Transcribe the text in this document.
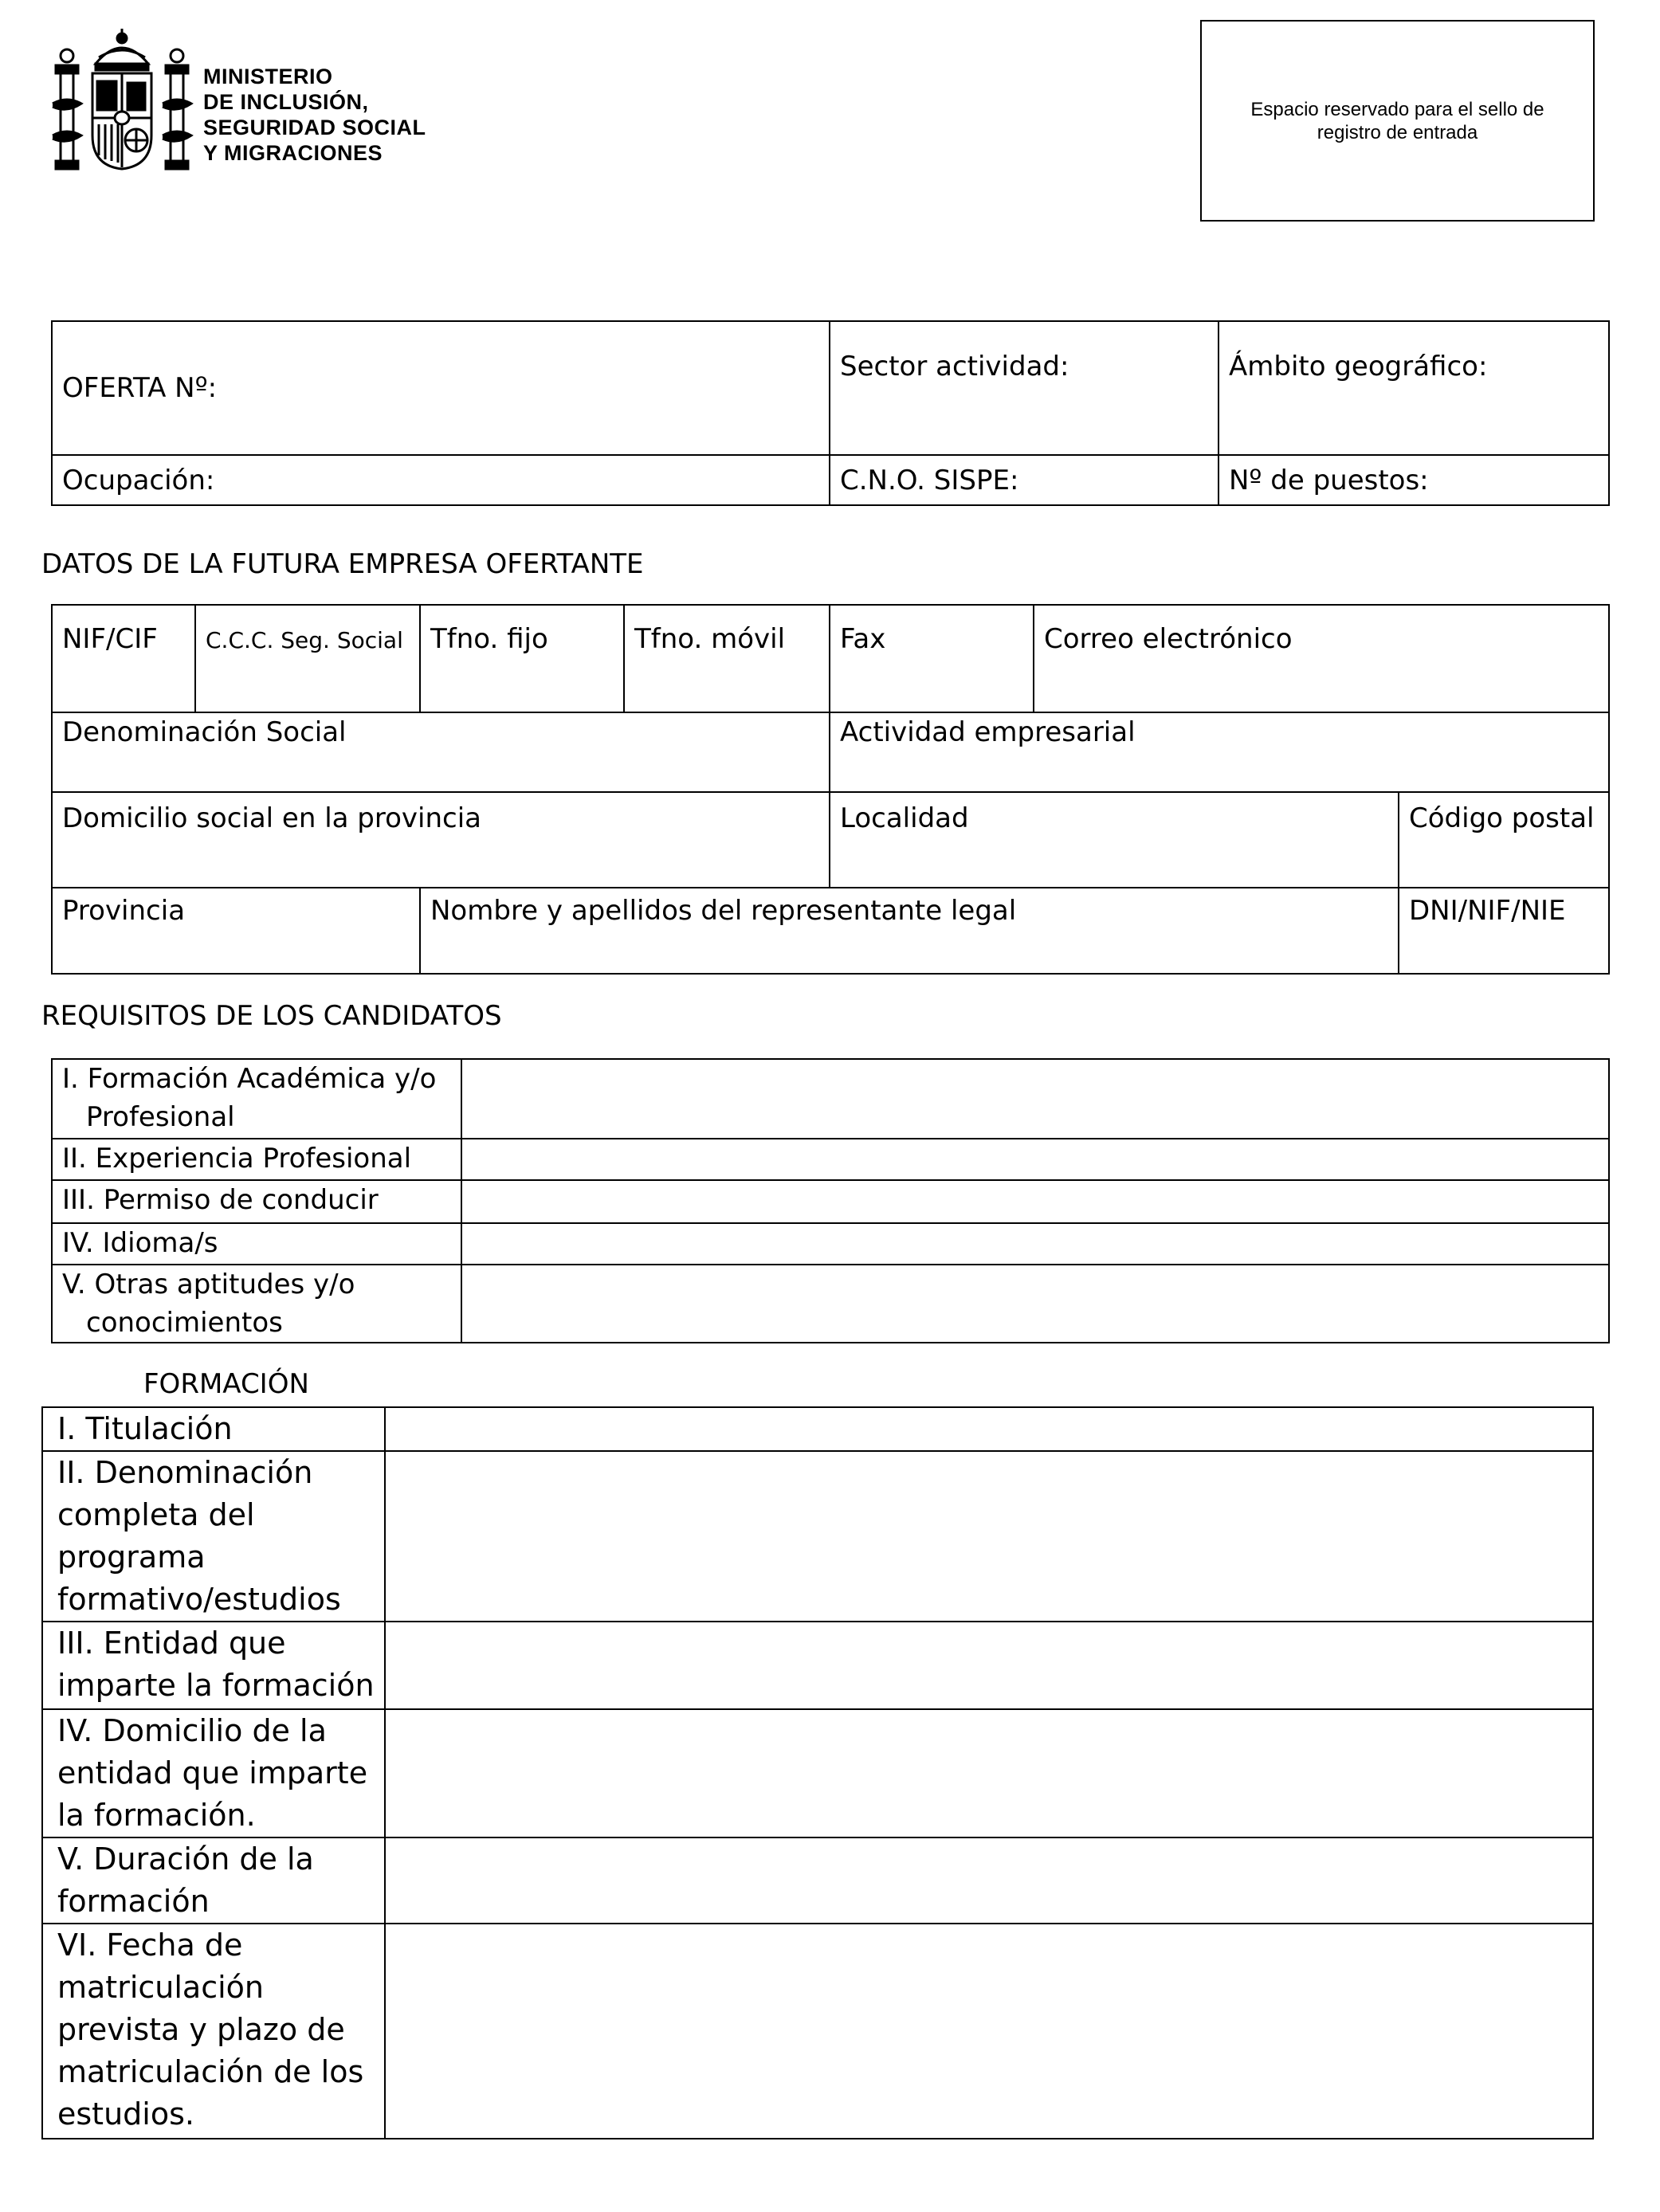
MINISTERIO
DE INCLUSIÓN,
SEGURIDAD SOCIAL
Y MIGRACIONES
Espacio reservado para el sello de registro de entrada
OFERTA Nº:	Sector actividad:	Ámbito geográfico:
Ocupación:	C.N.O. SISPE:	Nº de puestos:
DATOS DE LA FUTURA EMPRESA OFERTANTE
NIF/CIF	C.C.C. Seg. Social	Tfno. fijo	Tfno. móvil	Fax	Correo electrónico	
Denominación Social				Actividad empresarial		
Domicilio social en la provincia				Localidad		Código postal
Provincia		Nombre y apellidos del representante legal				DNI/NIF/NIE
REQUISITOS DE LOS CANDIDATOS
I. Formación Académica y/o
Profesional	

II. Experiencia Profesional	

III. Permiso de conducir	

IV. Idioma/s	

V. Otras aptitudes y/o
conocimientos	
FORMACIÓN
I. Titulación	
II. Denominación completa del programa formativo/estudios	
III. Entidad que imparte la formación	
IV. Domicilio de la entidad que imparte la formación.	
V. Duración de la formación	
VI. Fecha de matriculación prevista y plazo de matriculación de los estudios.	
